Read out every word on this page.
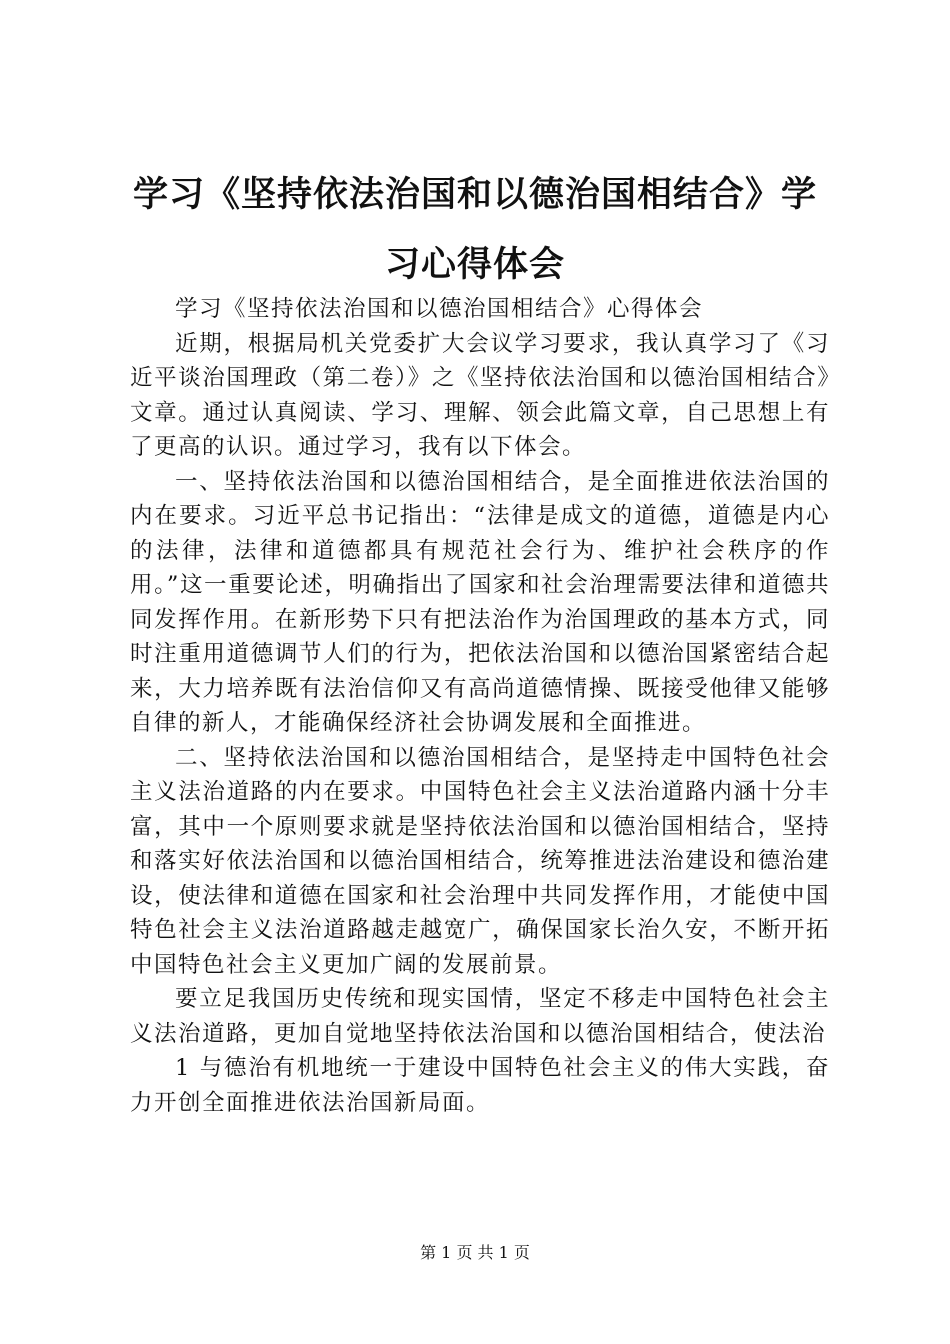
学习《坚持依法治国和以德治国相结合》学习心得体会

学习《坚持依法治国和以德治国相结合》心得体会

近期，根据局机关党委扩大会议学习要求，我认真学习了《习近平谈治国理政（第二卷）》之《坚持依法治国和以德治国相结合》文章。通过认真阅读、学习、理解、领会此篇文章，自己思想上有了更高的认识。通过学习，我有以下体会。

一、坚持依法治国和以德治国相结合，是全面推进依法治国的内在要求。习近平总书记指出：“法律是成文的道德，道德是内心的法律，法律和道德都具有规范社会行为、维护社会秩序的作用。”这一重要论述，明确指出了国家和社会治理需要法律和道德共同发挥作用。在新形势下只有把法治作为治国理政的基本方式，同时注重用道德调节人们的行为，把依法治国和以德治国紧密结合起来，大力培养既有法治信仰又有高尚道德情操、既接受他律又能够自律的新人，才能确保经济社会协调发展和全面推进。

二、坚持依法治国和以德治国相结合，是坚持走中国特色社会主义法治道路的内在要求。中国特色社会主义法治道路内涵十分丰富，其中一个原则要求就是坚持依法治国和以德治国相结合，坚持和落实好依法治国和以德治国相结合，统筹推进法治建设和德治建设，使法律和道德在国家和社会治理中共同发挥作用，才能使中国特色社会主义法治道路越走越宽广，确保国家长治久安，不断开拓中国特色社会主义更加广阔的发展前景。

要立足我国历史传统和现实国情，坚定不移走中国特色社会主义法治道路，更加自觉地坚持依法治国和以德治国相结合，使法治

1 与德治有机地统一于建设中国特色社会主义的伟大实践，奋力开创全面推进依法治国新局面。

第 1 页 共 1 页
